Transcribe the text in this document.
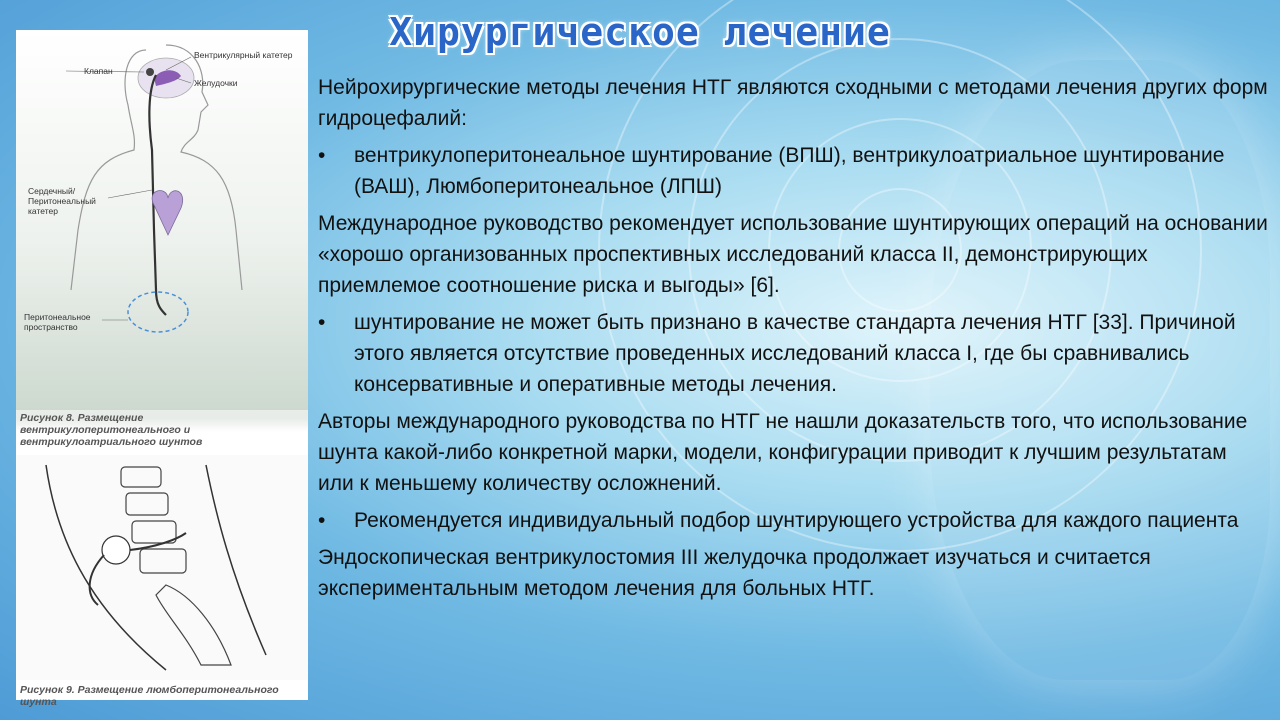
Хирургическое лечение
Клапан
Вентрикулярный катетер
Желудочки
Сердечный/ Перитонеальный катетер
Перитонеальное пространство
Рисунок 8. Размещение вентрикулоперитонеального и вентрикулоатриального шунтов
Рисунок 9. Размещение люмбоперитонеального шунта

Нейрохирургические методы лечения НТГ являются сходными с методами лечения других форм гидроцефалий:

•	вентрикулоперитонеальное шунтирование (ВПШ), вентрикулоатриальное шунтирование (ВАШ), Люмбоперитонеальное (ЛПШ)

Международное руководство рекомендует использование шунтирующих операций на основании «хорошо организованных проспективных исследований класса II, демонстрирующих приемлемое соотношение риска и выгоды» [6].

•	шунтирование не может быть признано в качестве стандарта лечения НТГ [33]. Причиной этого является отсутствие проведенных исследований класса I, где бы сравнивались консервативные и оперативные методы лечения.

Авторы международного руководства по НТГ не нашли доказательств того, что использование шунта какой-либо конкретной марки, модели, конфигурации приводит к лучшим результатам или к меньшему количеству осложнений.

•	Рекомендуется индивидуальный подбор шунтирующего устройства для каждого пациента

Эндоскопическая вентрикулостомия III желудочка продолжает изучаться и считается экспериментальным методом лечения для больных НТГ.
